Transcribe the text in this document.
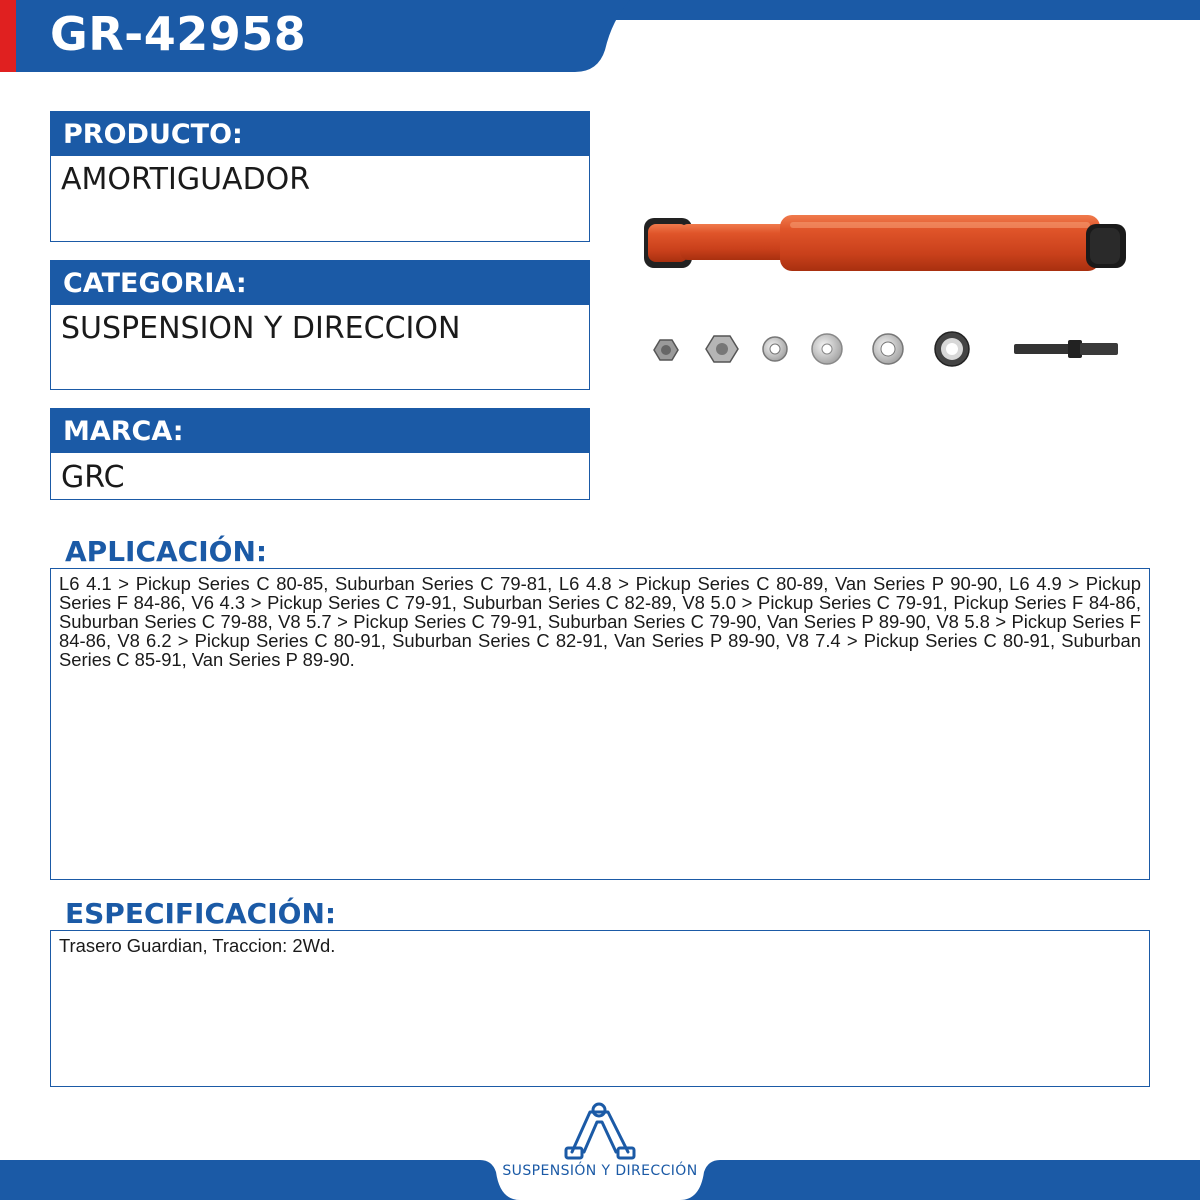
GR-42958
PRODUCTO:
AMORTIGUADOR
CATEGORIA:
SUSPENSION Y DIRECCION
MARCA:
GRC
APLICACIÓN:
L6 4.1 > Pickup Series C 80-85, Suburban Series C 79-81, L6 4.8 > Pickup Series C 80-89, Van Series P 90-90, L6 4.9 > Pickup Series F 84-86, V6 4.3 > Pickup Series C 79-91, Suburban Series C 82-89, V8 5.0 > Pickup Series C 79-91, Pickup Series F 84-86, Suburban Series C 79-88, V8 5.7 > Pickup Series C 79-91, Suburban Series C 79-90, Van Series P 89-90, V8 5.8 > Pickup Series F 84-86, V8 6.2 > Pickup Series C 80-91, Suburban Series C 82-91, Van Series P 89-90, V8 7.4 > Pickup Series C 80-91, Suburban Series C 85-91, Van Series P 89-90.
ESPECIFICACIÓN:
Trasero Guardian, Traccion: 2Wd.
SUSPENSIÓN Y DIRECCIÓN
